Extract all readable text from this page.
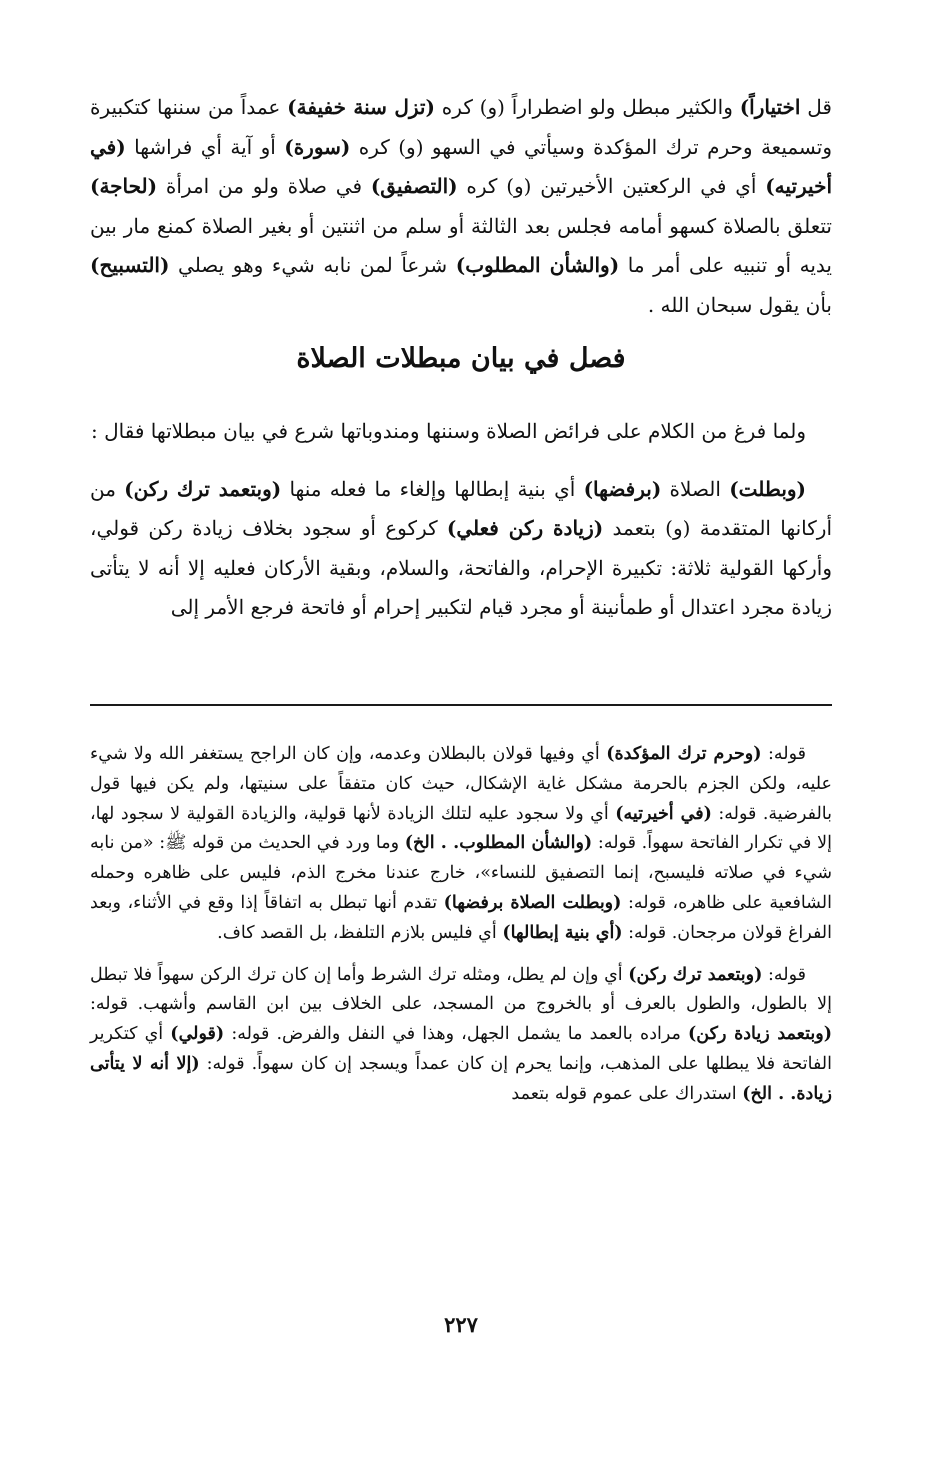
قل اختياراً) والكثير مبطل ولو اضطراراً (و) كره (تزل سنة خفيفة) عمداً من سننها كتكبيرة وتسميعة وحرم ترك المؤكدة وسيأتي في السهو (و) كره (سورة) أو آية أي فراشها (في أخيرتيه) أي في الركعتين الأخيرتين (و) كره (التصفيق) في صلاة ولو من امرأة (لحاجة) تتعلق بالصلاة كسهو أمامه فجلس بعد الثالثة أو سلم من اثنتين أو بغير الصلاة كمنع مار بين يديه أو تنبيه على أمر ما (والشأن المطلوب) شرعاً لمن نابه شيء وهو يصلي (التسبيح) بأن يقول سبحان الله .

فصل في بيان مبطلات الصلاة

ولما فرغ من الكلام على فرائض الصلاة وسننها ومندوباتها شرع في بيان مبطلاتها فقال :

(وبطلت) الصلاة (برفضها) أي بنية إبطالها وإلغاء ما فعله منها (وبتعمد ترك ركن) من أركانها المتقدمة (و) بتعمد (زيادة ركن فعلي) كركوع أو سجود بخلاف زيادة ركن قولي، وأركها القولية ثلاثة: تكبيرة الإحرام، والفاتحة، والسلام، وبقية الأركان فعليه إلا أنه لا يتأتى زيادة مجرد اعتدال أو طمأنينة أو مجرد قيام لتكبير إحرام أو فاتحة فرجع الأمر إلى

قوله: (وحرم ترك المؤكدة) أي وفيها قولان بالبطلان وعدمه، وإن كان الراجح يستغفر الله ولا شيء عليه، ولكن الجزم بالحرمة مشكل غاية الإشكال، حيث كان متفقاً على سنيتها، ولم يكن فيها قول بالفرضية. قوله: (في أخيرتيه) أي ولا سجود عليه لتلك الزيادة لأنها قولية، والزيادة القولية لا سجود لها، إلا في تكرار الفاتحة سهواً. قوله: (والشأن المطلوب. . الخ) وما ورد في الحديث من قوله ﷺ: «من نابه شيء في صلاته فليسبح، إنما التصفيق للنساء»، خارج عندنا مخرج الذم، فليس على ظاهره وحمله الشافعية على ظاهره، قوله: (وبطلت الصلاة برفضها) تقدم أنها تبطل به اتفاقاً إذا وقع في الأثناء، وبعد الفراغ قولان مرجحان. قوله: (أي بنية إبطالها) أي فليس بلازم التلفظ، بل القصد كاف.

قوله: (وبتعمد ترك ركن) أي وإن لم يطل، ومثله ترك الشرط وأما إن كان ترك الركن سهواً فلا تبطل إلا بالطول، والطول بالعرف أو بالخروج من المسجد، على الخلاف بين ابن القاسم وأشهب. قوله: (وبتعمد زيادة ركن) مراده بالعمد ما يشمل الجهل، وهذا في النفل والفرض. قوله: (قولي) أي كتكرير الفاتحة فلا يبطلها على المذهب، وإنما يحرم إن كان عمداً ويسجد إن كان سهواً. قوله: (إلا أنه لا يتأتى زيادة. . الخ) استدراك على عموم قوله بتعمد

٢٢٧
